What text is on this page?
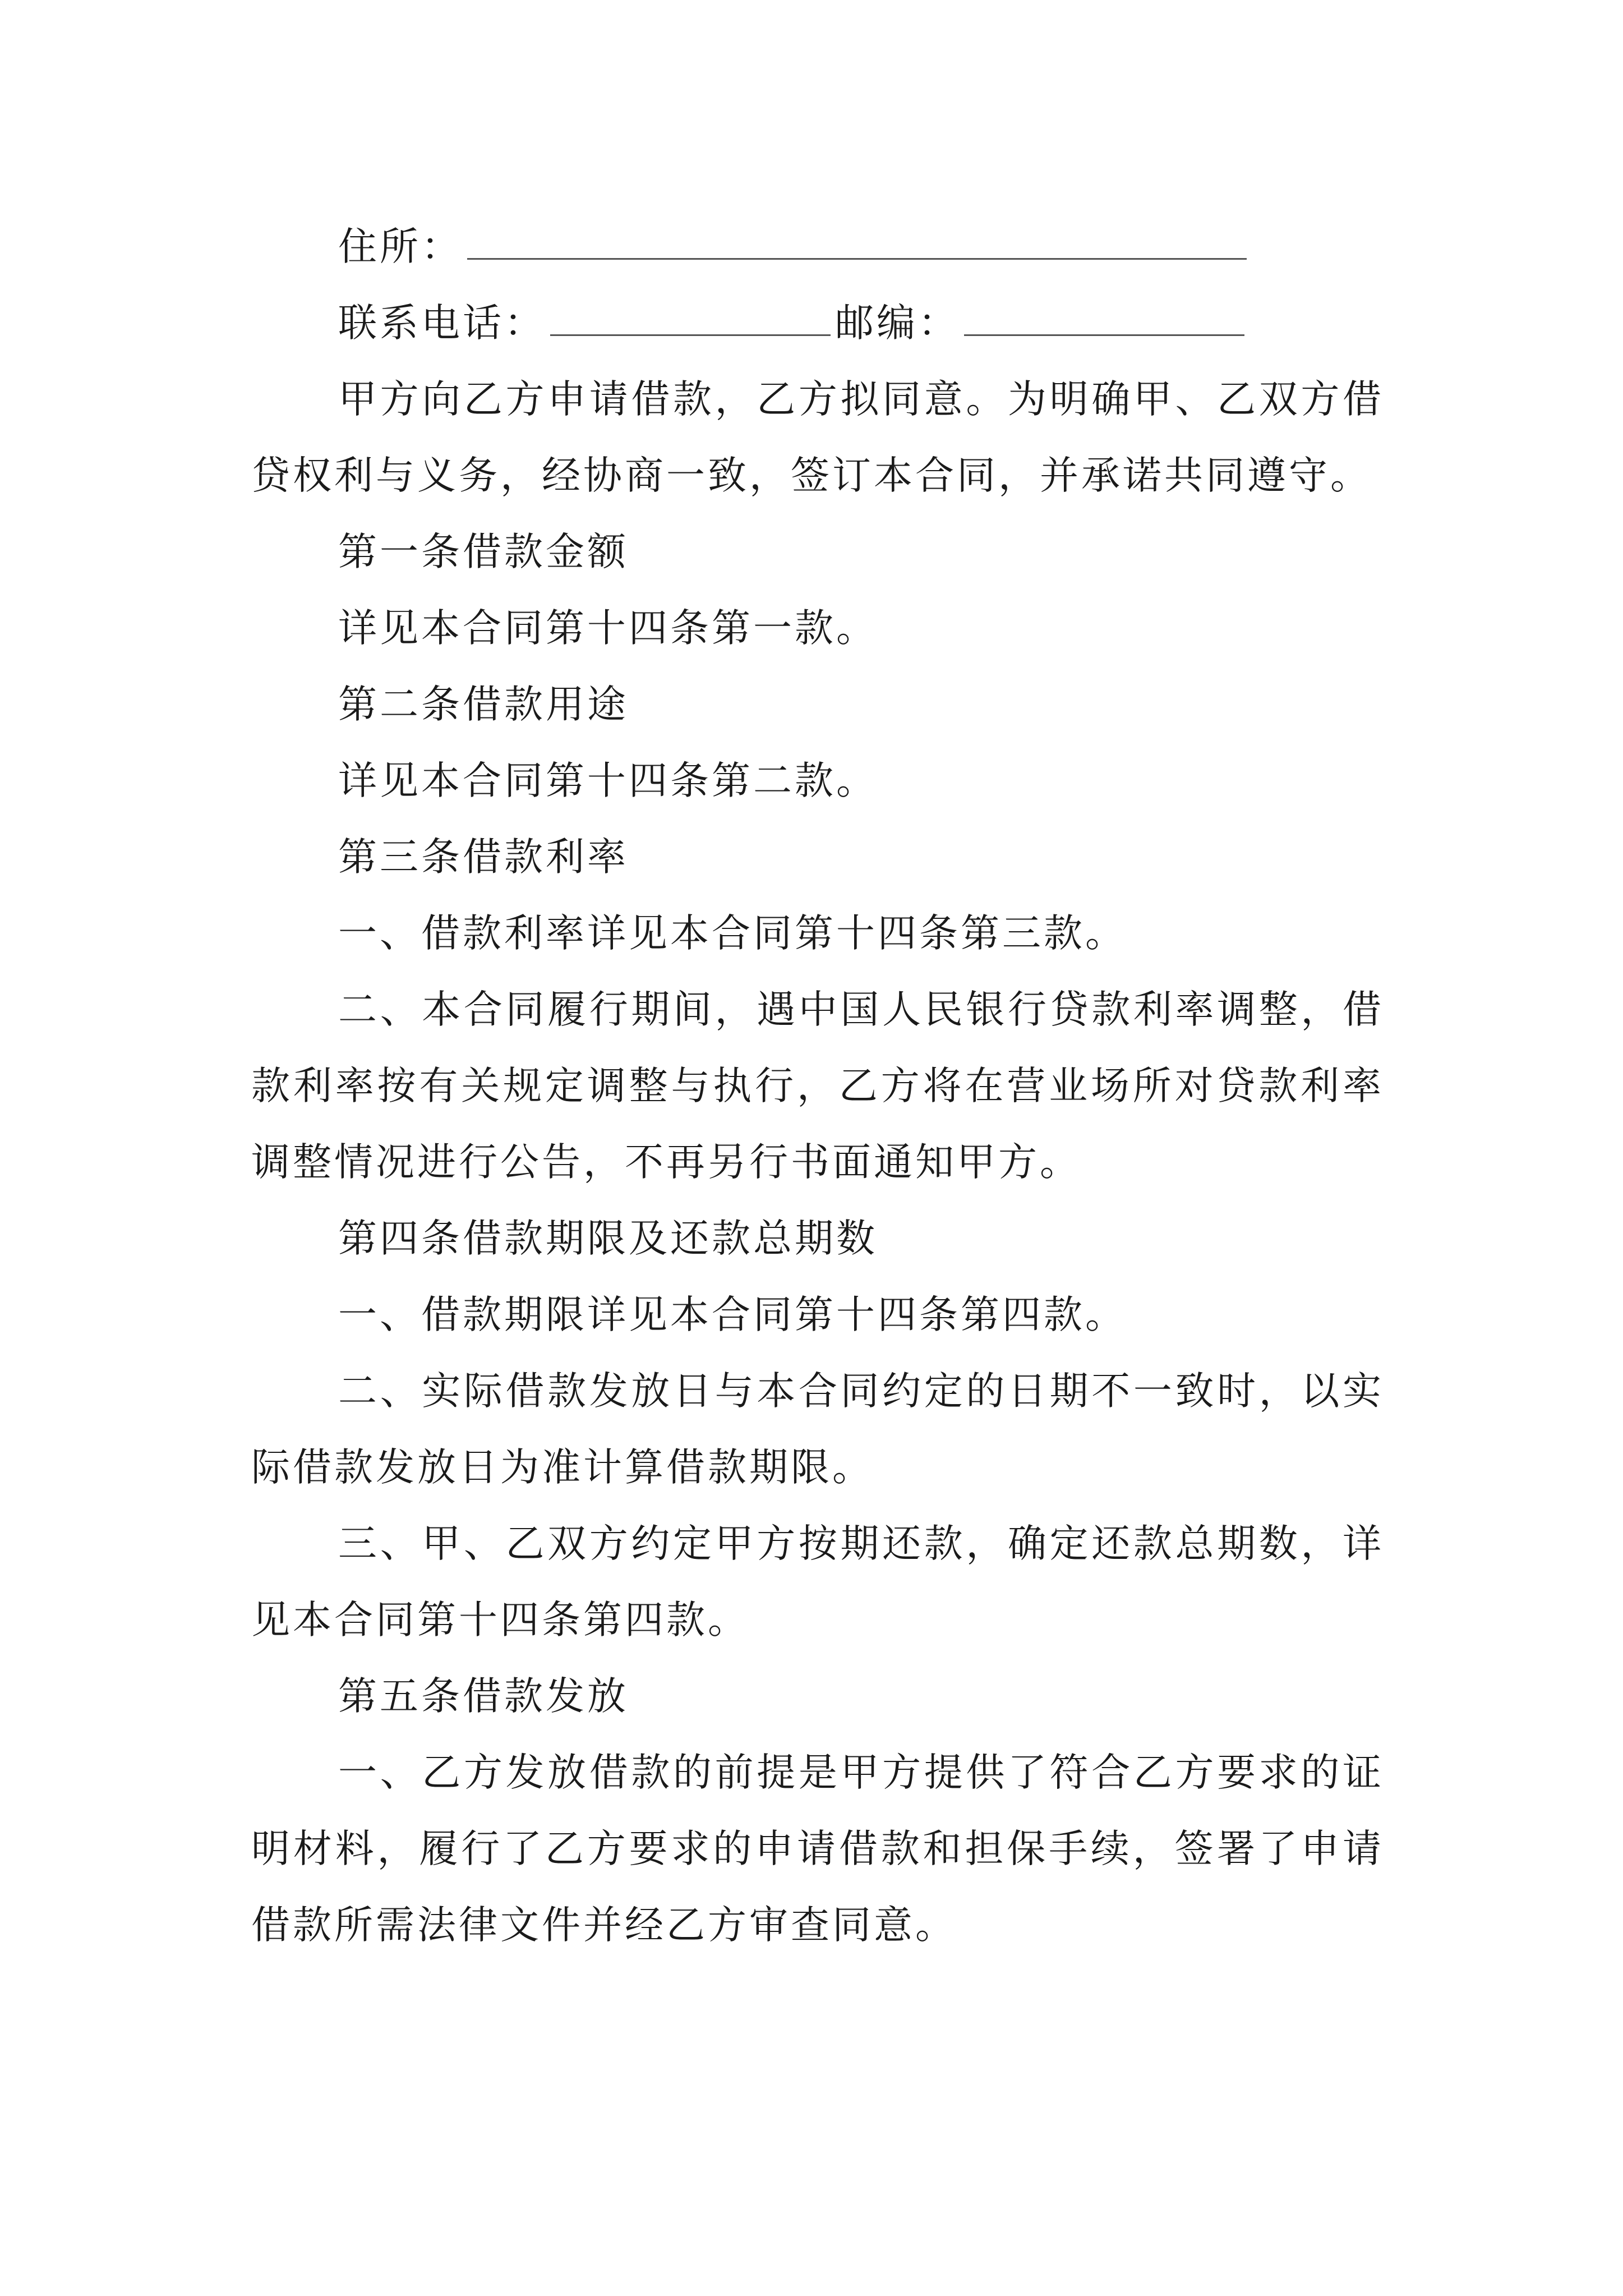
住所：
联系电话：	邮编：

甲方向乙方申请借款，乙方拟同意。为明确甲、乙双方借贷权利与义务，经协商一致，签订本合同，并承诺共同遵守。

第一条借款金额
详见本合同第十四条第一款。
第二条借款用途
详见本合同第十四条第二款。
第三条借款利率
一、借款利率详见本合同第十四条第三款。

二、本合同履行期间，遇中国人民银行贷款利率调整，借款利率按有关规定调整与执行，乙方将在营业场所对贷款利率调整情况进行公告，不再另行书面通知甲方。

第四条借款期限及还款总期数
一、借款期限详见本合同第十四条第四款。

二、实际借款发放日与本合同约定的日期不一致时，以实际借款发放日为准计算借款期限。

三、甲、乙双方约定甲方按期还款，确定还款总期数，详见本合同第十四条第四款。

第五条借款发放

一、乙方发放借款的前提是甲方提供了符合乙方要求的证明材料，履行了乙方要求的申请借款和担保手续，签署了申请借款所需法律文件并经乙方审查同意。
